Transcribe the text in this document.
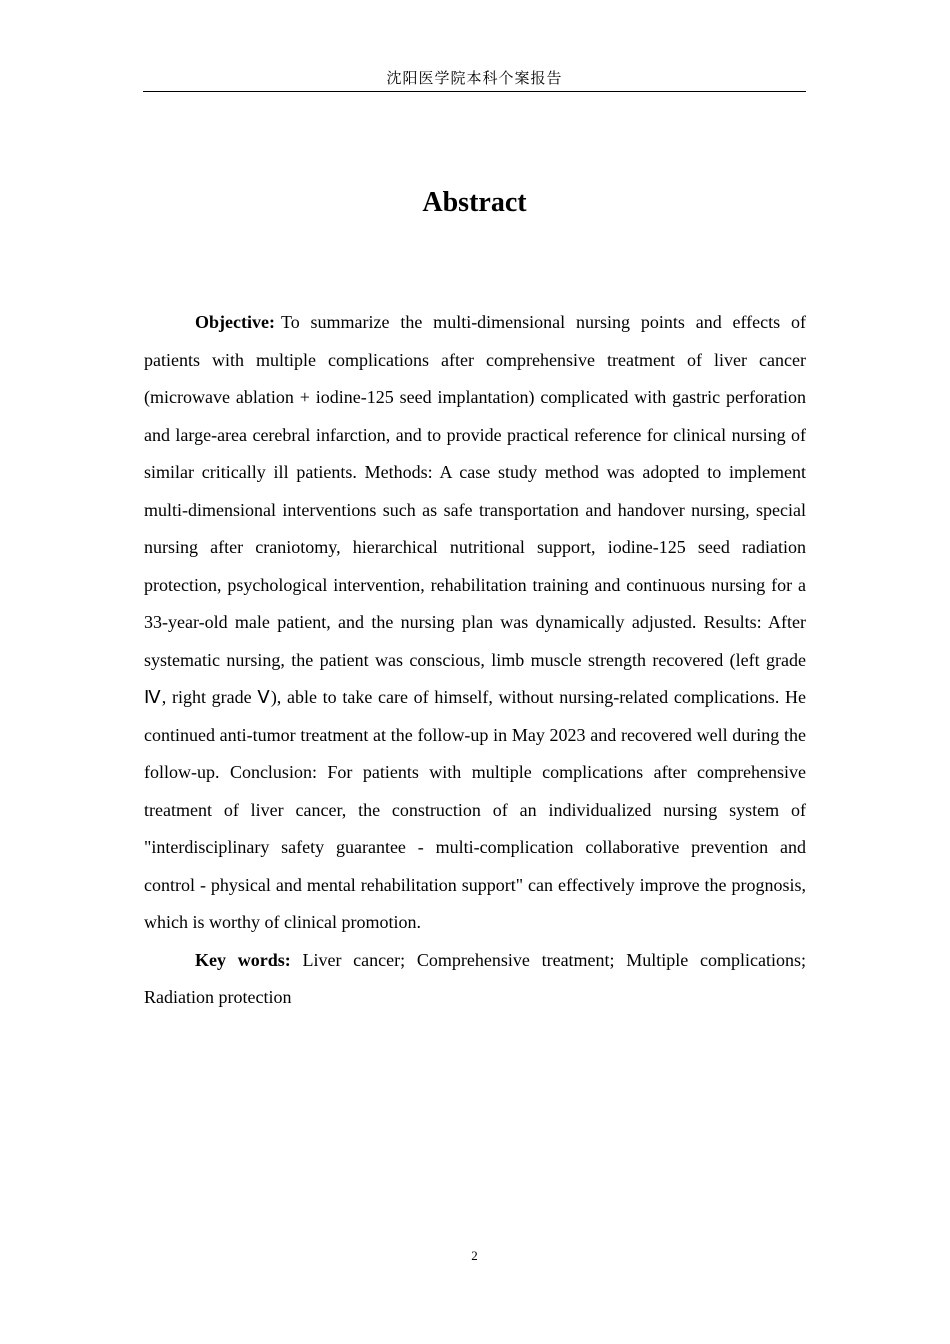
沈阳医学院本科个案报告
Abstract

Objective: To summarize the multi-dimensional nursing points and effects of patients with multiple complications after comprehensive treatment of liver cancer (microwave ablation + iodine-125 seed implantation) complicated with gastric perforation and large-area cerebral infarction, and to provide practical reference for clinical nursing of similar critically ill patients. Methods: A case study method was adopted to implement multi-dimensional interventions such as safe transportation and handover nursing, special nursing after craniotomy, hierarchical nutritional support, iodine-125 seed radiation protection, psychological intervention, rehabilitation training and continuous nursing for a 33-year-old male patient, and the nursing plan was dynamically adjusted. Results: After systematic nursing, the patient was conscious, limb muscle strength recovered (left grade Ⅳ, right grade Ⅴ), able to take care of himself, without nursing-related complications. He continued anti-tumor treatment at the follow-up in May 2023 and recovered well during the follow-up. Conclusion: For patients with multiple complications after comprehensive treatment of liver cancer, the construction of an individualized nursing system of "interdisciplinary safety guarantee - multi-complication collaborative prevention and control - physical and mental rehabilitation support" can effectively improve the prognosis, which is worthy of clinical promotion.

Key words: Liver cancer; Comprehensive treatment; Multiple complications; Radiation protection

2
